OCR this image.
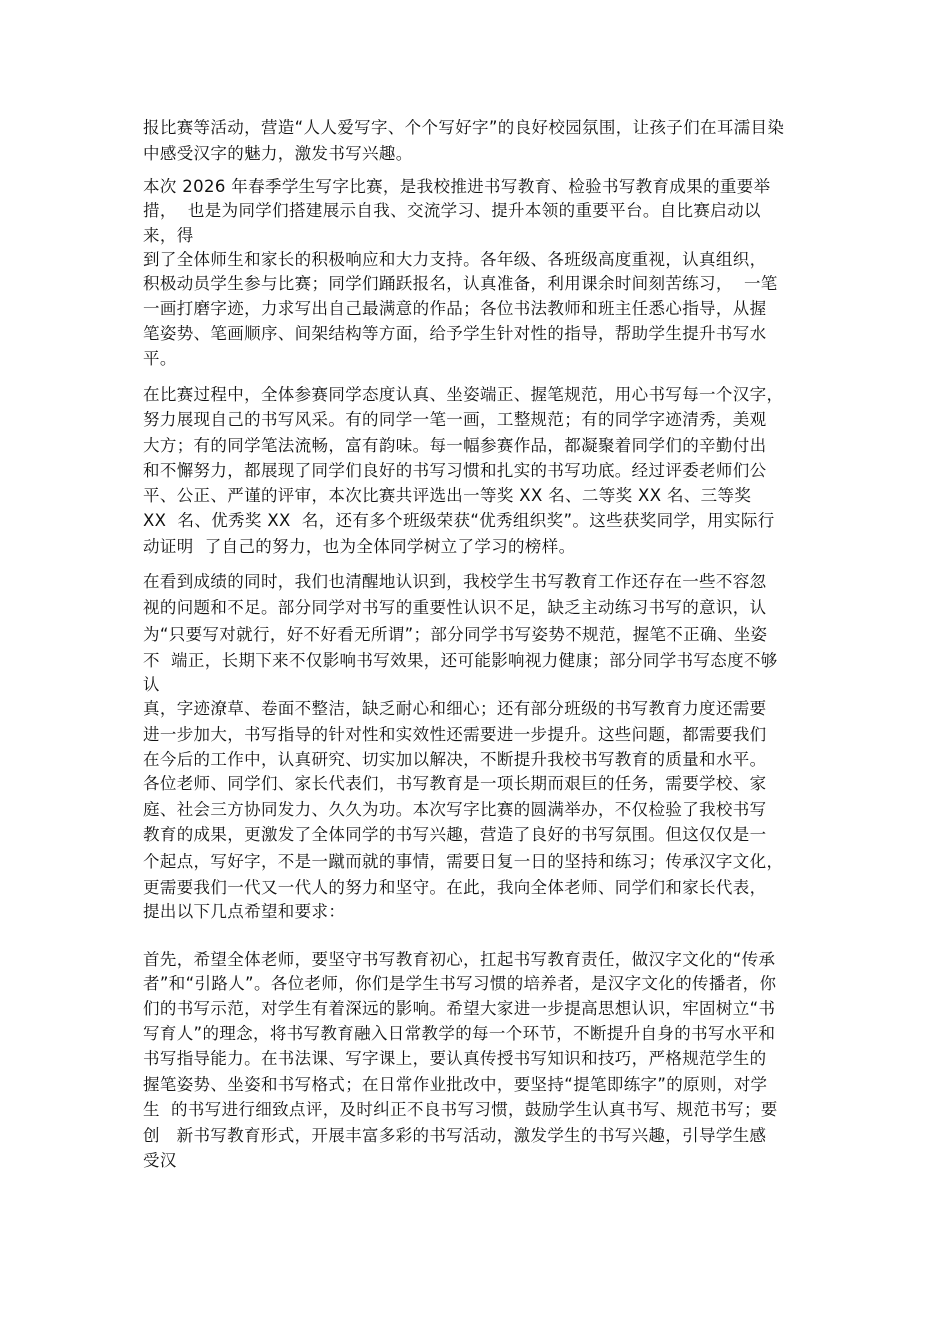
报比赛等活动，营造“人人爱写字、个个写好字”的良好校园氛围，让孩子们在耳濡目染
中感受汉字的魅力，激发书写兴趣。
本次 2026 年春季学生写字比赛，是我校推进书写教育、检验书写教育成果的重要举
措，  也是为同学们搭建展示自我、交流学习、提升本领的重要平台。自比赛启动以
来，得
到了全体师生和家长的积极响应和大力支持。各年级、各班级高度重视，认真组织，
积极动员学生参与比赛；同学们踊跃报名，认真准备，利用课余时间刻苦练习，  一笔
一画打磨字迹，力求写出自己最满意的作品；各位书法教师和班主任悉心指导，从握
笔姿势、笔画顺序、间架结构等方面，给予学生针对性的指导，帮助学生提升书写水
平。
在比赛过程中，全体参赛同学态度认真、坐姿端正、握笔规范，用心书写每一个汉字，
努力展现自己的书写风采。有的同学一笔一画，工整规范；有的同学字迹清秀，美观
大方；有的同学笔法流畅，富有韵味。每一幅参赛作品，都凝聚着同学们的辛勤付出
和不懈努力，都展现了同学们良好的书写习惯和扎实的书写功底。经过评委老师们公
平、公正、严谨的评审，本次比赛共评选出一等奖 XX 名、二等奖 XX 名、三等奖
XX  名、优秀奖 XX  名，还有多个班级荣获“优秀组织奖”。这些获奖同学，用实际行
动证明  了自己的努力，也为全体同学树立了学习的榜样。
在看到成绩的同时，我们也清醒地认识到，我校学生书写教育工作还存在一些不容忽
视的问题和不足。部分同学对书写的重要性认识不足，缺乏主动练习书写的意识，认
为“只要写对就行，好不好看无所谓”；部分同学书写姿势不规范，握笔不正确、坐姿
不  端正，长期下来不仅影响书写效果，还可能影响视力健康；部分同学书写态度不够
认
真，字迹潦草、卷面不整洁，缺乏耐心和细心；还有部分班级的书写教育力度还需要
进一步加大，书写指导的针对性和实效性还需要进一步提升。这些问题，都需要我们
在今后的工作中，认真研究、切实加以解决，不断提升我校书写教育的质量和水平。
各位老师、同学们、家长代表们，书写教育是一项长期而艰巨的任务，需要学校、家
庭、社会三方协同发力、久久为功。本次写字比赛的圆满举办，不仅检验了我校书写
教育的成果，更激发了全体同学的书写兴趣，营造了良好的书写氛围。但这仅仅是一
个起点，写好字，不是一蹴而就的事情，需要日复一日的坚持和练习；传承汉字文化，
更需要我们一代又一代人的努力和坚守。在此，我向全体老师、同学们和家长代表，
提出以下几点希望和要求：
首先，希望全体老师，要坚守书写教育初心，扛起书写教育责任，做汉字文化的“传承
者”和“引路人”。各位老师，你们是学生书写习惯的培养者，是汉字文化的传播者，你
们的书写示范，对学生有着深远的影响。希望大家进一步提高思想认识，牢固树立“书
写育人”的理念，将书写教育融入日常教学的每一个环节，不断提升自身的书写水平和
书写指导能力。在书法课、写字课上，要认真传授书写知识和技巧，严格规范学生的
握笔姿势、坐姿和书写格式；在日常作业批改中，要坚持“提笔即练字”的原则，对学
生  的书写进行细致点评，及时纠正不良书写习惯，鼓励学生认真书写、规范书写；要
创   新书写教育形式，开展丰富多彩的书写活动，激发学生的书写兴趣，引导学生感
受汉
